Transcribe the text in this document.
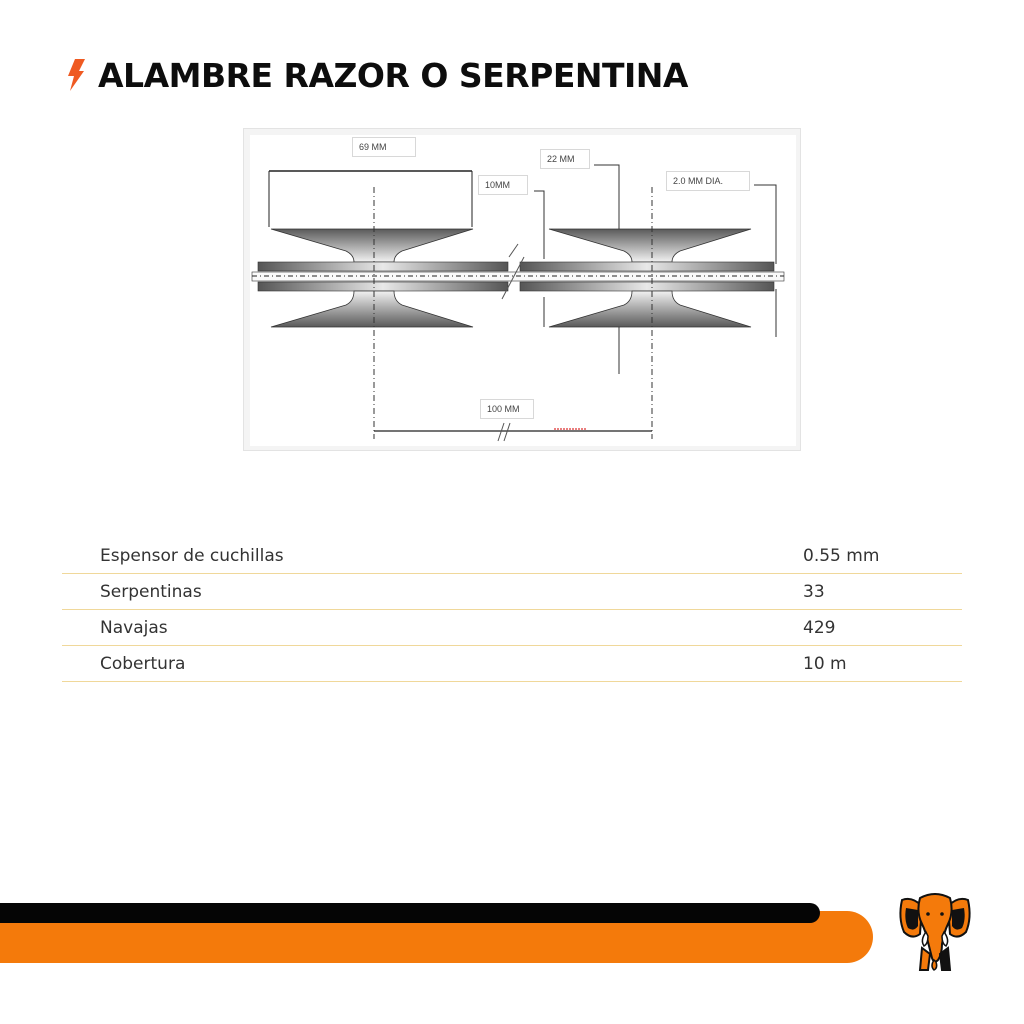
ALAMBRE RAZOR O SERPENTINA
69 MM
10MM
22 MM
2.0 MM DIA.
100 MM
Espensor de cuchillas	0.55 mm
Serpentinas	33
Navajas	429
Cobertura	10 m
